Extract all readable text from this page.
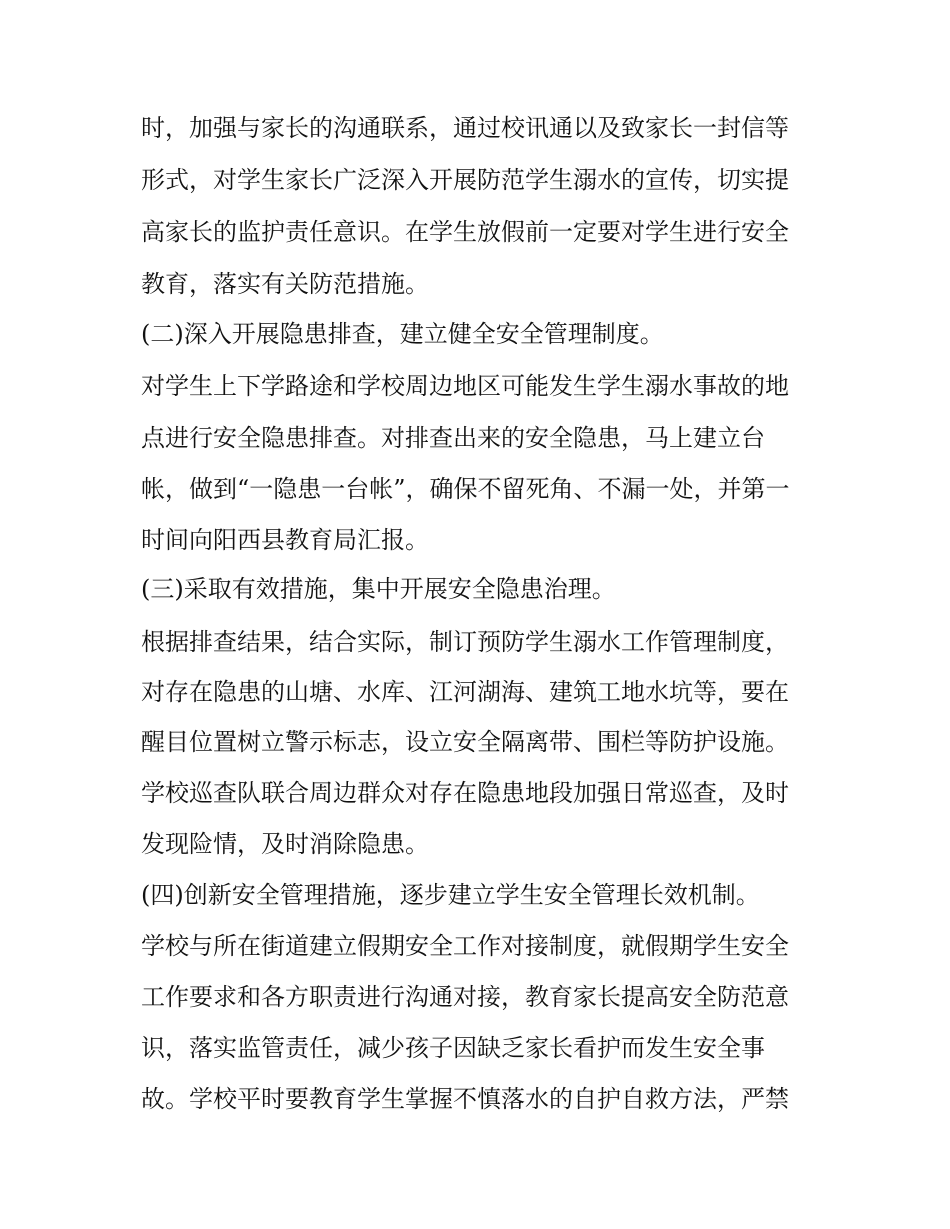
时，加强与家长的沟通联系，通过校讯通以及致家长一封信等

形式，对学生家长广泛深入开展防范学生溺水的宣传，切实提

高家长的监护责任意识。在学生放假前一定要对学生进行安全

教育，落实有关防范措施。

(二)深入开展隐患排查，建立健全安全管理制度。

对学生上下学路途和学校周边地区可能发生学生溺水事故的地

点进行安全隐患排查。对排查出来的安全隐患，马上建立台

帐，做到“一隐患一台帐”，确保不留死角、不漏一处，并第一

时间向阳西县教育局汇报。

(三)采取有效措施，集中开展安全隐患治理。

根据排查结果，结合实际，制订预防学生溺水工作管理制度，

对存在隐患的山塘、水库、江河湖海、建筑工地水坑等，要在

醒目位置树立警示标志，设立安全隔离带、围栏等防护设施。

学校巡查队联合周边群众对存在隐患地段加强日常巡查，及时

发现险情，及时消除隐患。

(四)创新安全管理措施，逐步建立学生安全管理长效机制。

学校与所在街道建立假期安全工作对接制度，就假期学生安全

工作要求和各方职责进行沟通对接，教育家长提高安全防范意

识，落实监管责任，减少孩子因缺乏家长看护而发生安全事

故。学校平时要教育学生掌握不慎落水的自护自救方法，严禁
